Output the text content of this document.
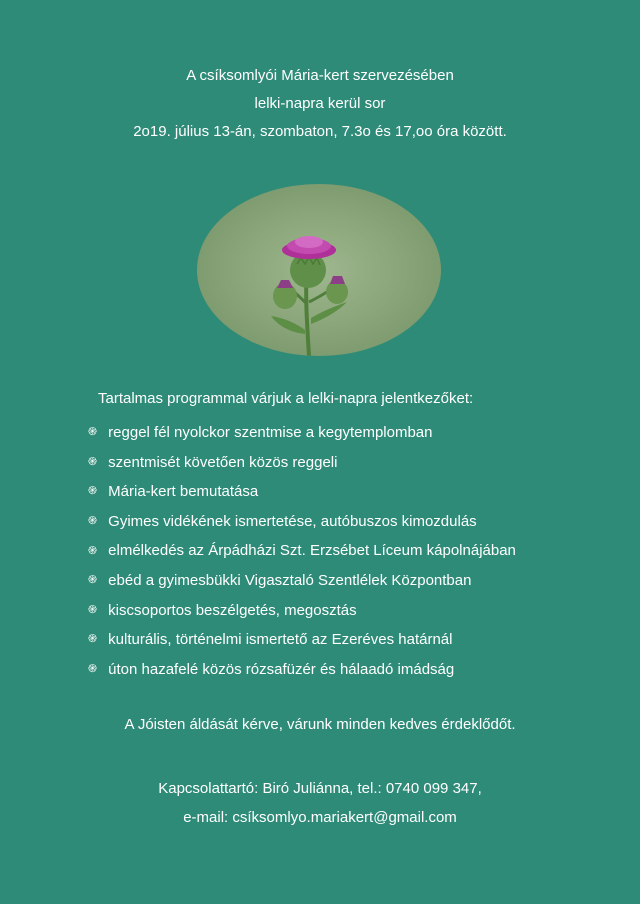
A csíksomlyói Mária-kert szervezésében
lelki-napra kerül sor
2o19. július 13-án, szombaton, 7.3o és 17,oo óra között.
Tartalmas programmal várjuk a lelki-napra jelentkezőket:
֍ reggel fél nyolckor szentmise a kegytemplomban
֍ szentmisét követően közös reggeli
֍ Mária-kert bemutatása
֍ Gyimes vidékének ismertetése, autóbuszos kimozdulás
֍ elmélkedés az Árpádházi Szt. Erzsébet Líceum kápolnájában
֍ ebéd a gyimesbükki Vigasztaló Szentlélek Központban
֍ kiscsoportos beszélgetés, megosztás
֍ kulturális, történelmi ismertető az Ezeréves határnál
֍ úton hazafelé közös rózsafüzér és hálaadó imádság
A Jóisten áldását kérve, várunk minden kedves érdeklődőt.
Kapcsolattartó: Biró Juliánna, tel.: 0740 099 347,
e-mail: csíksomlyo.mariakert@gmail.com
